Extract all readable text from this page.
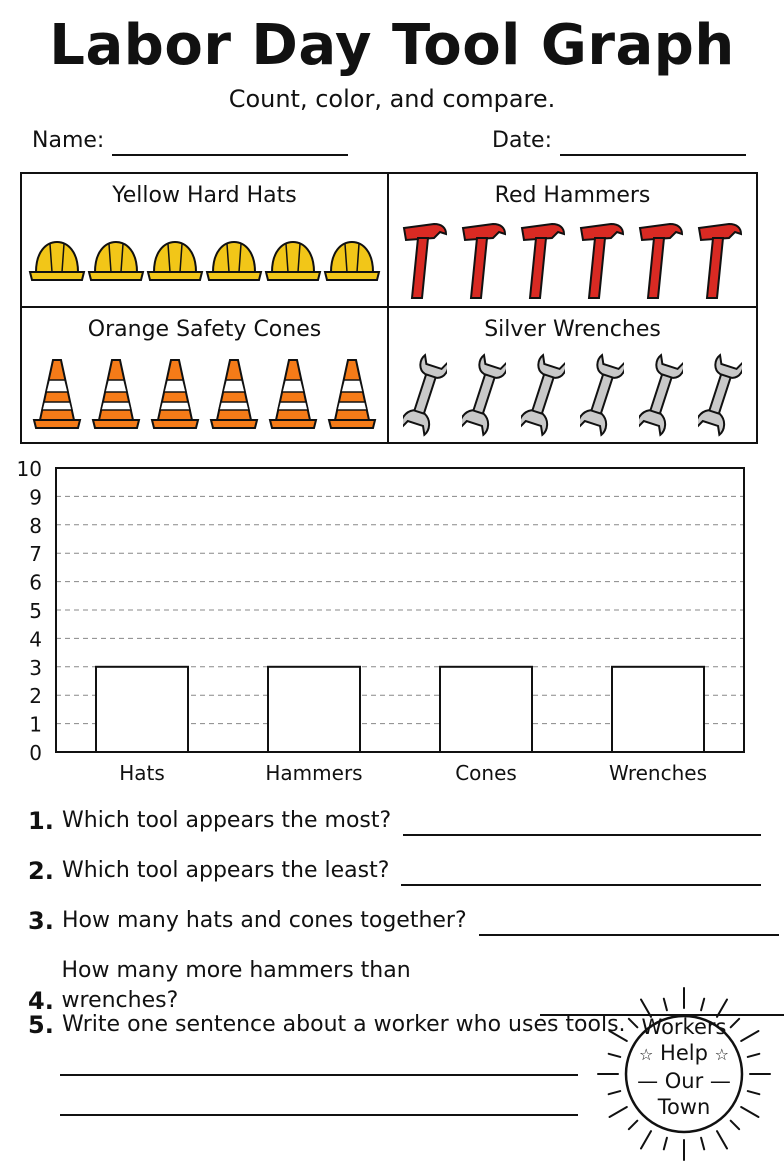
Labor Day Tool Graph
Count, color, and compare.
Name:	Date:
Yellow Hard Hats	Red Hammers
Orange Safety Cones	Silver Wrenches
0
1
2
3
4
5
6
7
8
9
10
Hats	Hammers	Cones	Wrenches
1. Which tool appears the most?
2. Which tool appears the least?
3. How many hats and cones together?
4.
How many more hammers than wrenches?
5. Write one sentence about a worker who uses tools. Workers
☆ Help ☆
— Our —
Town
